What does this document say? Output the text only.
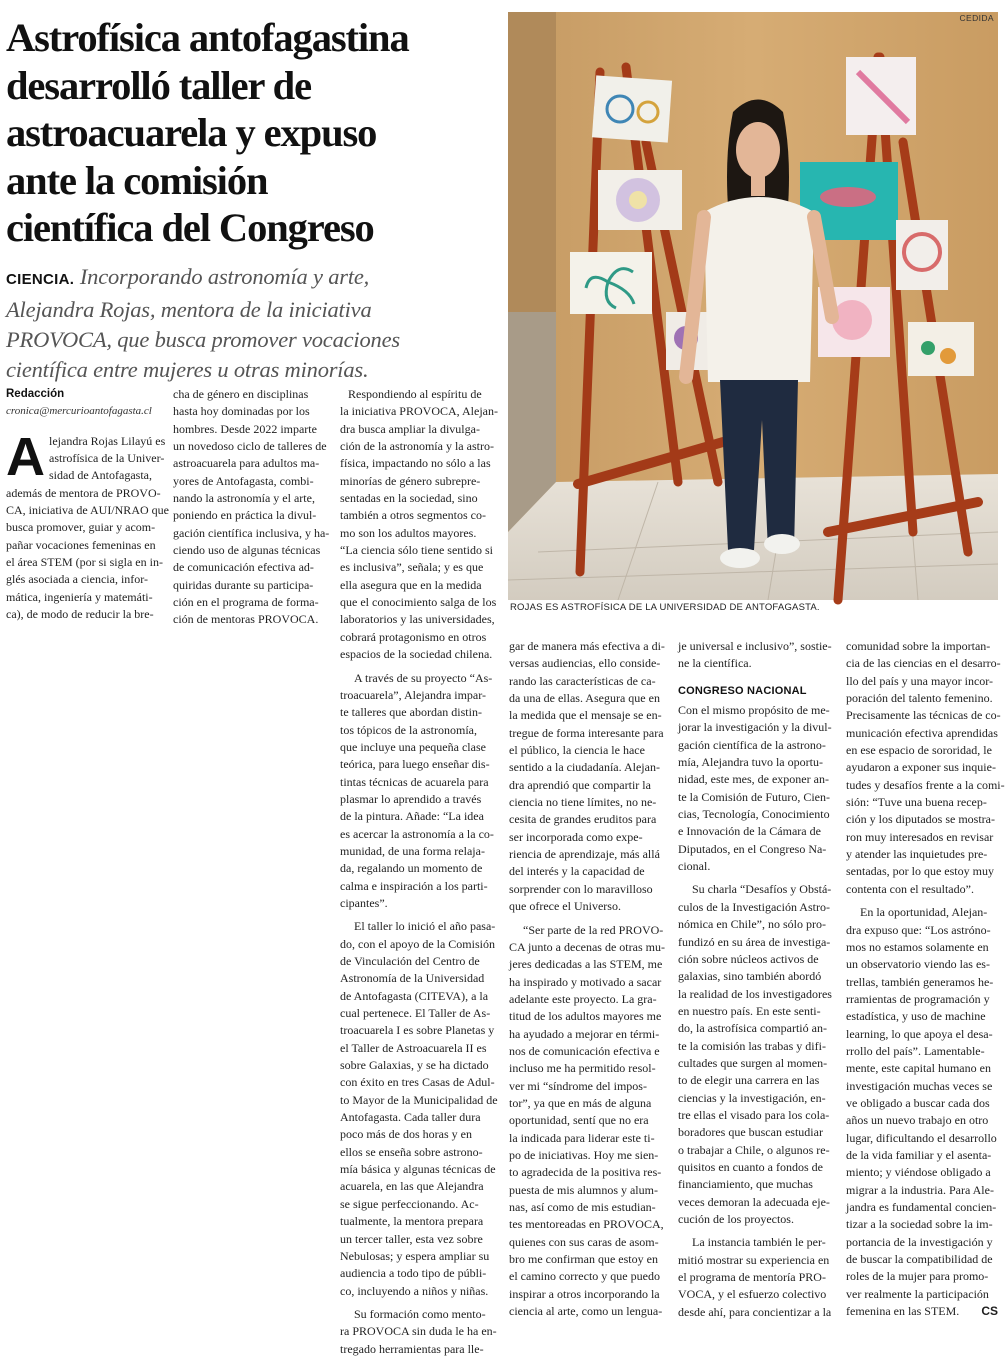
Astrofísica antofagastina
desarrolló taller de
astroacuarela y expuso
ante la comisión
científica del Congreso
CIENCIA. Incorporando astronomía y arte,
Alejandra Rojas, mentora de la iniciativa
PROVOCA, que busca promover vocaciones
científica entre mujeres u otras minorías.
CEDIDA
ROJAS ES ASTROFÍSICA DE LA UNIVERSIDAD DE ANTOFAGASTA.
Redacción
cronica@mercurioantofagasta.cl
A lejandra Rojas Lilayú es
astrofísica de la Univer-
sidad de Antofagasta,
además de mentora de PROVO-
CA, iniciativa de AUI/NRAO que
busca promover, guiar y acom-
pañar vocaciones femeninas en
el área STEM (por si sigla en in-
glés asociada a ciencia, infor-
mática, ingeniería y matemáti-
ca), de modo de reducir la bre-
cha de género en disciplinas
hasta hoy dominadas por los
hombres. Desde 2022 imparte
un novedoso ciclo de talleres de
astroacuarela para adultos ma-
yores de Antofagasta, combi-
nando la astronomía y el arte,
poniendo en práctica la divul-
gación científica inclusiva, y ha-
ciendo uso de algunas técnicas
de comunicación efectiva ad-
quiridas durante su participa-
ción en el programa de forma-
ción de mentoras PROVOCA.
Respondiendo al espíritu de
la iniciativa PROVOCA, Alejan-
dra busca ampliar la divulga-
ción de la astronomía y la astro-
física, impactando no sólo a las
minorías de género subrepre-
sentadas en la sociedad, sino
también a otros segmentos co-
mo son los adultos mayores.
“La ciencia sólo tiene sentido si
es inclusiva”, señala; y es que
ella asegura que en la medida
que el conocimiento salga de los
laboratorios y las universidades,
cobrará protagonismo en otros
espacios de la sociedad chilena.
A través de su proyecto “As-
troacuarela”, Alejandra impar-
te talleres que abordan distin-
tos tópicos de la astronomía,
que incluye una pequeña clase
teórica, para luego enseñar dis-
tintas técnicas de acuarela para
plasmar lo aprendido a través
de la pintura. Añade: “La idea
es acercar la astronomía a la co-
munidad, de una forma relaja-
da, regalando un momento de
calma e inspiración a los parti-
cipantes”.
El taller lo inició el año pasa-
do, con el apoyo de la Comisión
de Vinculación del Centro de
Astronomía de la Universidad
de Antofagasta (CITEVA), a la
cual pertenece. El Taller de As-
troacuarela I es sobre Planetas y
el Taller de Astroacuarela II es
sobre Galaxias, y se ha dictado
con éxito en tres Casas de Adul-
to Mayor de la Municipalidad de
Antofagasta. Cada taller dura
poco más de dos horas y en
ellos se enseña sobre astrono-
mía básica y algunas técnicas de
acuarela, en las que Alejandra
se sigue perfeccionando. Ac-
tualmente, la mentora prepara
un tercer taller, esta vez sobre
Nebulosas; y espera ampliar su
audiencia a todo tipo de públi-
co, incluyendo a niños y niñas.
Su formación como mento-
ra PROVOCA sin duda le ha en-
tregado herramientas para lle-
gar de manera más efectiva a di-
versas audiencias, ello conside-
rando las características de ca-
da una de ellas. Asegura que en
la medida que el mensaje se en-
tregue de forma interesante para
el público, la ciencia le hace
sentido a la ciudadanía. Alejan-
dra aprendió que compartir la
ciencia no tiene límites, no ne-
cesita de grandes eruditos para
ser incorporada como expe-
riencia de aprendizaje, más allá
del interés y la capacidad de
sorprender con lo maravilloso
que ofrece el Universo.
“Ser parte de la red PROVO-
CA junto a decenas de otras mu-
jeres dedicadas a las STEM, me
ha inspirado y motivado a sacar
adelante este proyecto. La gra-
titud de los adultos mayores me
ha ayudado a mejorar en térmi-
nos de comunicación efectiva e
incluso me ha permitido resol-
ver mi “síndrome del impos-
tor”, ya que en más de alguna
oportunidad, sentí que no era
la indicada para liderar este ti-
po de iniciativas. Hoy me sien-
to agradecida de la positiva res-
puesta de mis alumnos y alum-
nas, así como de mis estudian-
tes mentoreadas en PROVOCA,
quienes con sus caras de asom-
bro me confirman que estoy en
el camino correcto y que puedo
inspirar a otros incorporando la
ciencia al arte, como un lengua-
je universal e inclusivo”, sostie-
ne la científica.
CONGRESO NACIONAL
Con el mismo propósito de me-
jorar la investigación y la divul-
gación científica de la astrono-
mía, Alejandra tuvo la oportu-
nidad, este mes, de exponer an-
te la Comisión de Futuro, Cien-
cias, Tecnología, Conocimiento
e Innovación de la Cámara de
Diputados, en el Congreso Na-
cional.
Su charla “Desafíos y Obstá-
culos de la Investigación Astro-
nómica en Chile”, no sólo pro-
fundizó en su área de investiga-
ción sobre núcleos activos de
galaxias, sino también abordó
la realidad de los investigadores
en nuestro país. En este senti-
do, la astrofísica compartió an-
te la comisión las trabas y difi-
cultades que surgen al momen-
to de elegir una carrera en las
ciencias y la investigación, en-
tre ellas el visado para los cola-
boradores que buscan estudiar
o trabajar a Chile, o algunos re-
quisitos en cuanto a fondos de
financiamiento, que muchas
veces demoran la adecuada eje-
cución de los proyectos.
La instancia también le per-
mitió mostrar su experiencia en
el programa de mentoría PRO-
VOCA, y el esfuerzo colectivo
desde ahí, para concientizar a la
comunidad sobre la importan-
cia de las ciencias en el desarro-
llo del país y una mayor incor-
poración del talento femenino.
Precisamente las técnicas de co-
municación efectiva aprendidas
en ese espacio de sororidad, le
ayudaron a exponer sus inquie-
tudes y desafíos frente a la comi-
sión: “Tuve una buena recep-
ción y los diputados se mostra-
ron muy interesados en revisar
y atender las inquietudes pre-
sentadas, por lo que estoy muy
contenta con el resultado”.
En la oportunidad, Alejan-
dra expuso que: “Los astróno-
mos no estamos solamente en
un observatorio viendo las es-
trellas, también generamos he-
rramientas de programación y
estadística, y uso de machine
learning, lo que apoya el desa-
rrollo del país”. Lamentable-
mente, este capital humano en
investigación muchas veces se
ve obligado a buscar cada dos
años un nuevo trabajo en otro
lugar, dificultando el desarrollo
de la vida familiar y el asenta-
miento; y viéndose obligado a
migrar a la industria. Para Ale-
jandra es fundamental concien-
tizar a la sociedad sobre la im-
portancia de la investigación y
de buscar la compatibilidad de
roles de la mujer para promo-
ver realmente la participación
femenina en las STEM. CS
